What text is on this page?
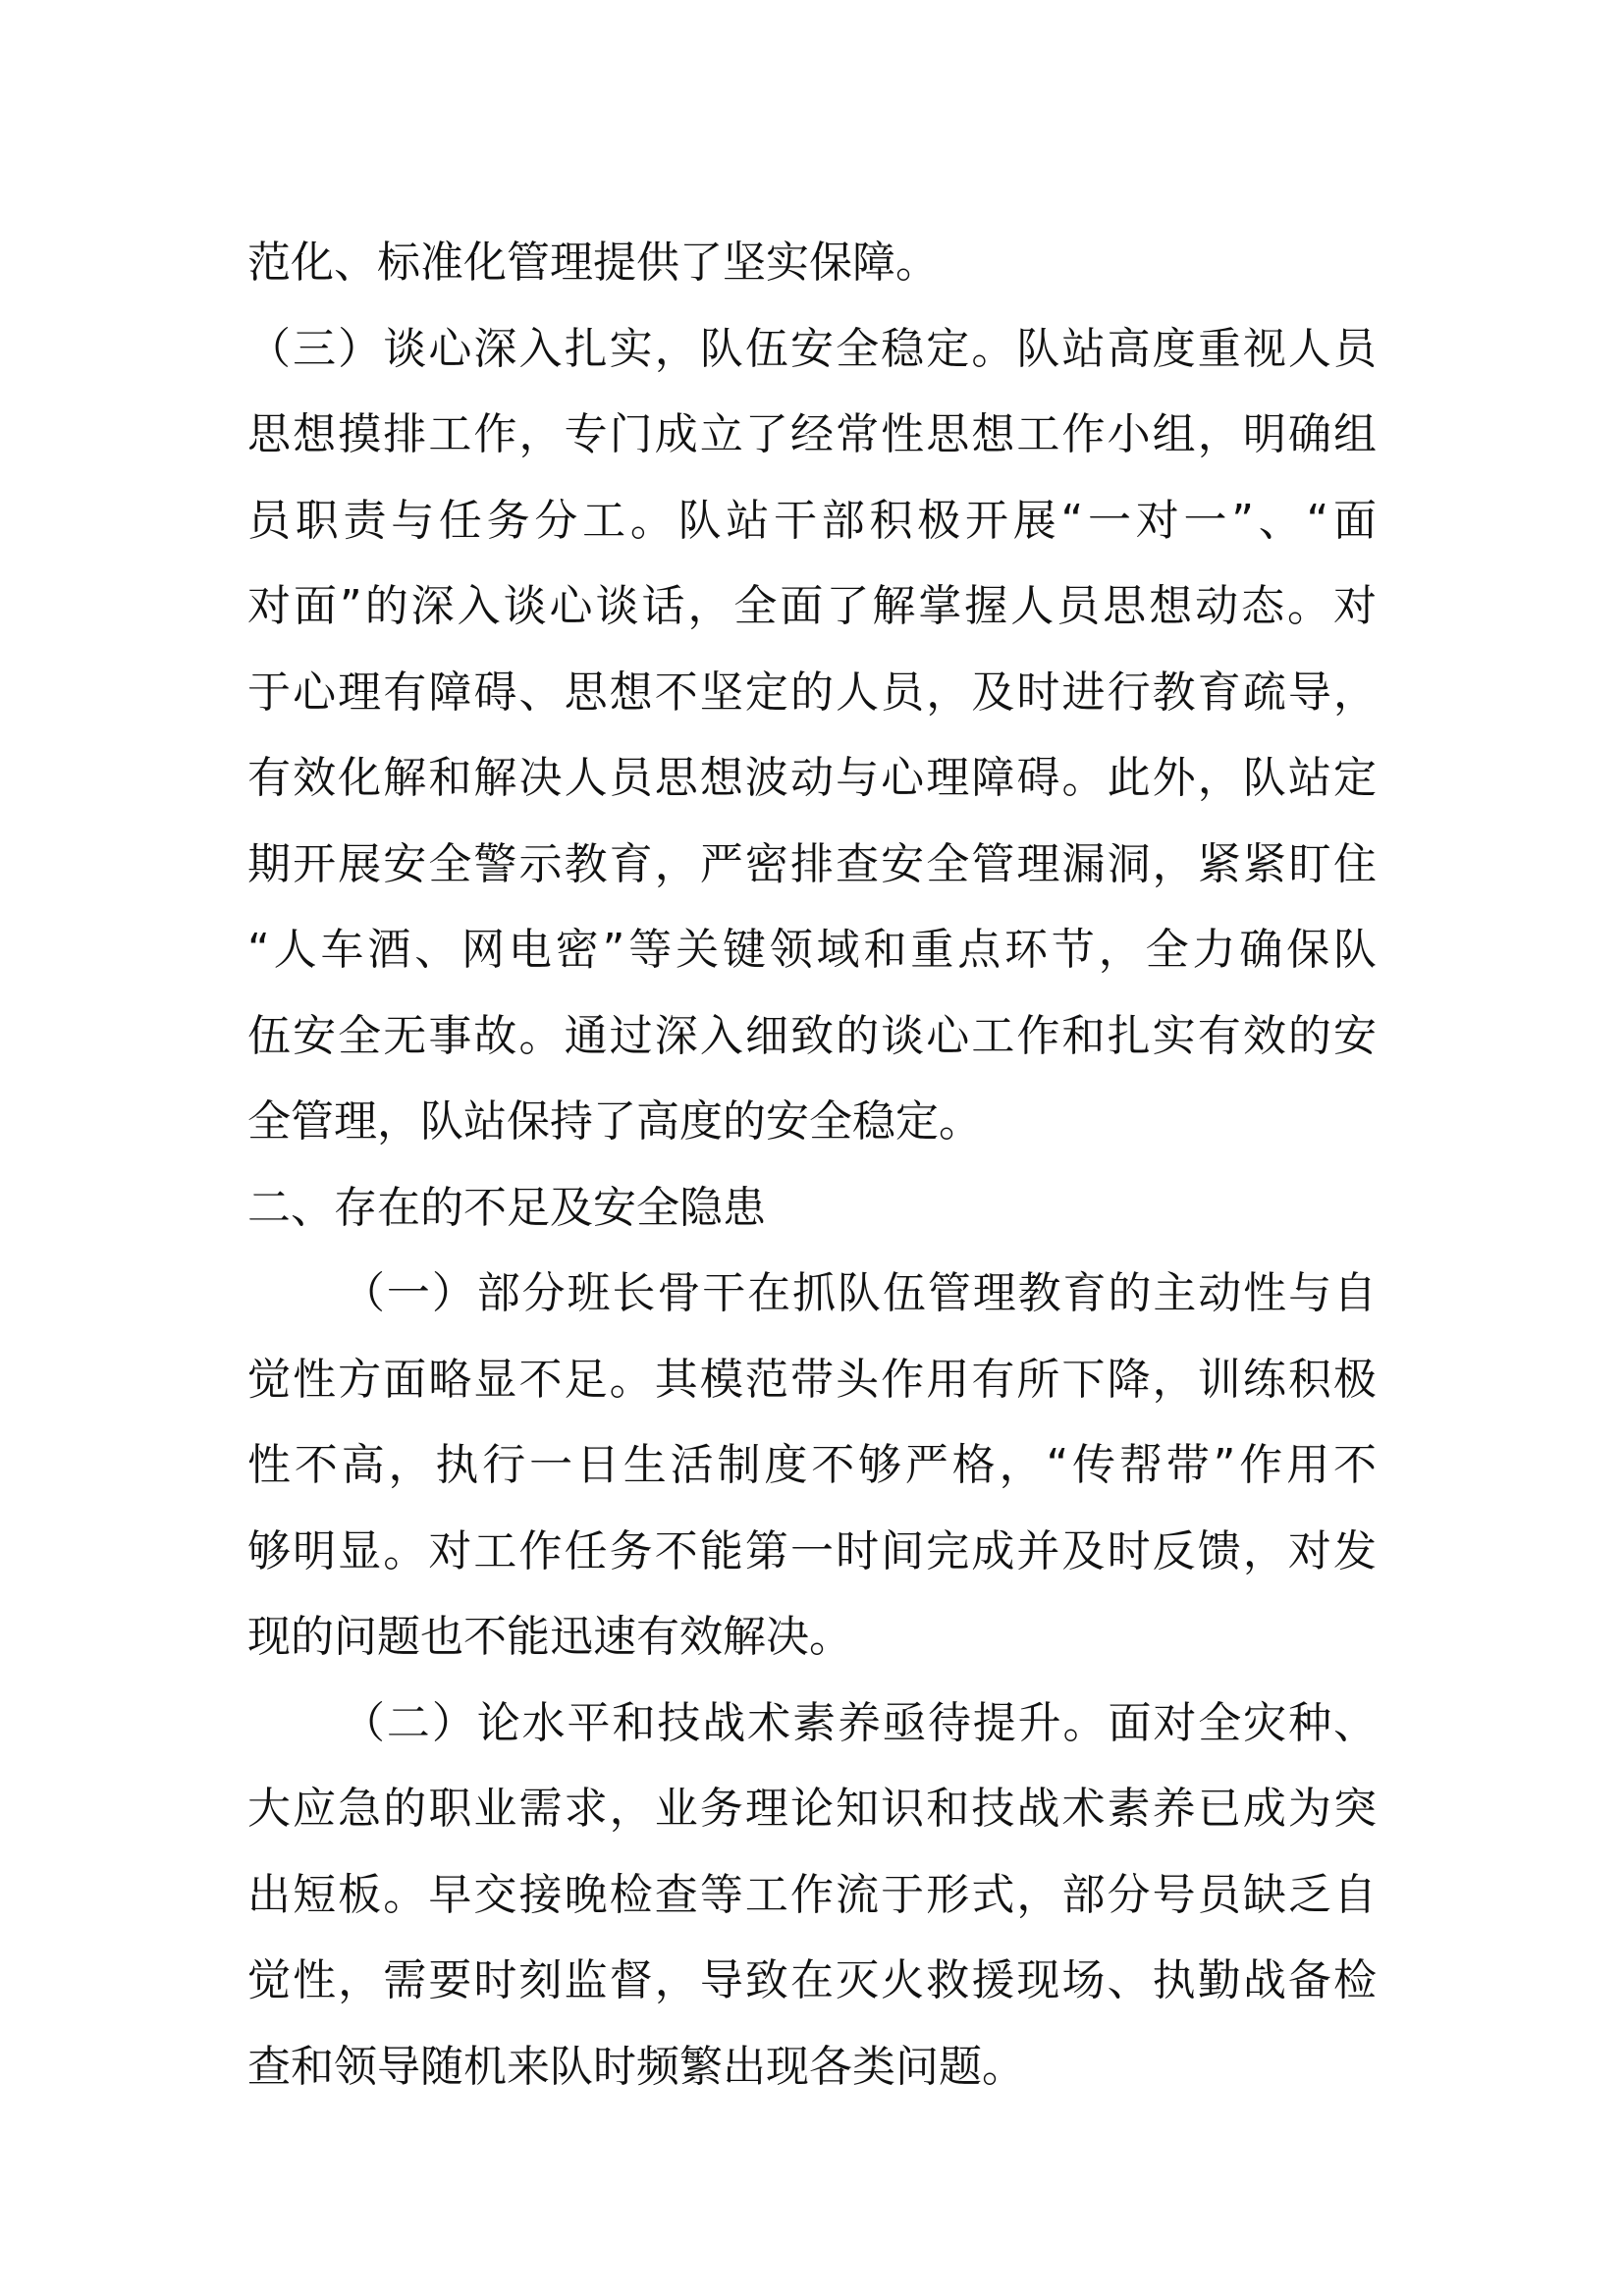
范化、标准化管理提供了坚实保障。
（三）谈心深入扎实，队伍安全稳定。队站高度重视人员
思想摸排工作，专门成立了经常性思想工作小组，明确组
员职责与任务分工。队站干部积极开展“一对一”、“面
对面”的深入谈心谈话，全面了解掌握人员思想动态。对
于心理有障碍、思想不坚定的人员，及时进行教育疏导，
有效化解和解决人员思想波动与心理障碍。此外，队站定
期开展安全警示教育，严密排查安全管理漏洞，紧紧盯住
“人车酒、网电密”等关键领域和重点环节，全力确保队
伍安全无事故。通过深入细致的谈心工作和扎实有效的安
全管理，队站保持了高度的安全稳定。
二、存在的不足及安全隐患
（一）部分班长骨干在抓队伍管理教育的主动性与自
觉性方面略显不足。其模范带头作用有所下降，训练积极
性不高，执行一日生活制度不够严格，“传帮带”作用不
够明显。对工作任务不能第一时间完成并及时反馈，对发
现的问题也不能迅速有效解决。
（二）论水平和技战术素养亟待提升。面对全灾种、
大应急的职业需求，业务理论知识和技战术素养已成为突
出短板。早交接晚检查等工作流于形式，部分号员缺乏自
觉性，需要时刻监督，导致在灭火救援现场、执勤战备检
查和领导随机来队时频繁出现各类问题。
